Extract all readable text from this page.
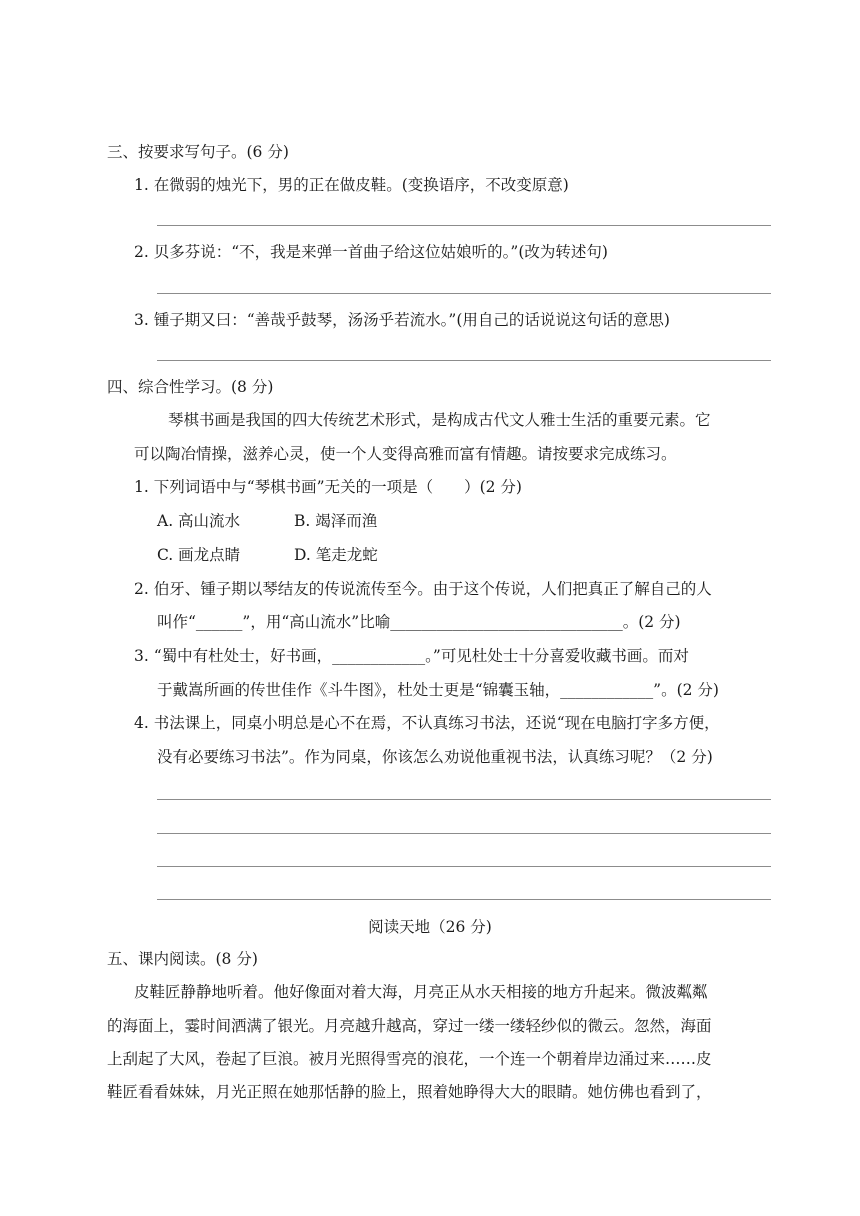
三、按要求写句子。(6 分)
1. 在微弱的烛光下，男的正在做皮鞋。(变换语序，不改变原意)
2. 贝多芬说：“不，我是来弹一首曲子给这位姑娘听的。”(改为转述句)
3. 锺子期又曰：“善哉乎鼓琴，汤汤乎若流水。”(用自己的话说说这句话的意思)
四、综合性学习。(8 分)
琴棋书画是我国的四大传统艺术形式，是构成古代文人雅士生活的重要元素。它
可以陶冶情操，滋养心灵，使一个人变得高雅而富有情趣。请按要求完成练习。
1. 下列词语中与“琴棋书画”无关的一项是（　　）(2 分)
A. 高山流水	B. 竭泽而渔
C. 画龙点睛	D. 笔走龙蛇
2. 伯牙、锺子期以琴结友的传说流传至今。由于这个传说，人们把真正了解自己的人
叫作“______”，用“高山流水”比喻______________________________。(2 分)
3. “蜀中有杜处士，好书画，____________。”可见杜处士十分喜爱收藏书画。而对
于戴嵩所画的传世佳作《斗牛图》，杜处士更是“锦囊玉轴，____________”。(2 分)
4. 书法课上，同桌小明总是心不在焉，不认真练习书法，还说“现在电脑打字多方便，
没有必要练习书法”。作为同桌，你该怎么劝说他重视书法，认真练习呢？（2 分)
阅读天地（26 分)
五、课内阅读。(8 分)
皮鞋匠静静地听着。他好像面对着大海，月亮正从水天相接的地方升起来。微波粼粼
的海面上，霎时间洒满了银光。月亮越升越高，穿过一缕一缕轻纱似的微云。忽然，海面
上刮起了大风，卷起了巨浪。被月光照得雪亮的浪花，一个连一个朝着岸边涌过来……皮
鞋匠看看妹妹，月光正照在她那恬静的脸上，照着她睁得大大的眼睛。她仿佛也看到了，
